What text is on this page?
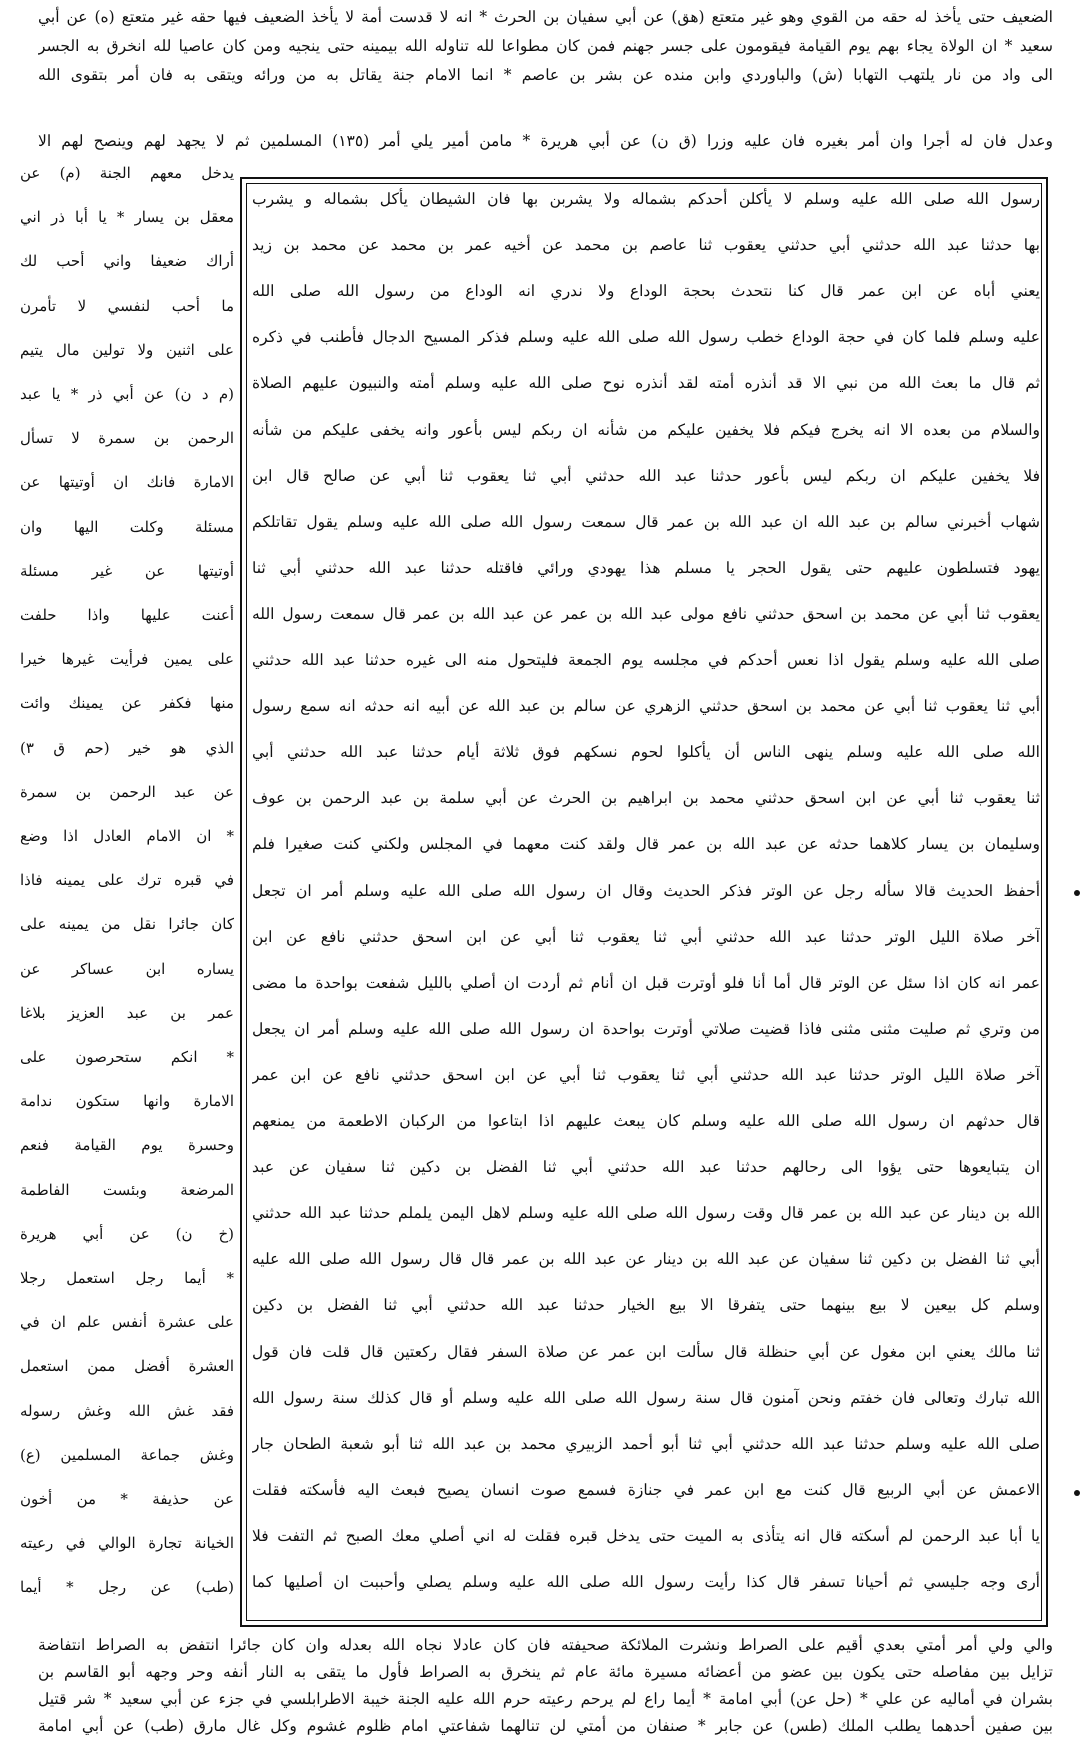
الضعيف حتى يأخذ له حقه من القوي وهو غير متعتع (هق) عن أبي سفيان بن الحرث * انه لا قدست أمة لا يأخذ الضعيف فيها حقه غير متعتع (ه) عن أبي
سعيد * ان الولاة يجاء بهم يوم القيامة فيقومون على جسر جهنم فمن كان مطواعا لله تناوله الله بيمينه حتى ينجيه ومن كان عاصيا لله انخرق به الجسر
الى واد من نار يلتهب التهابا (ش) والباوردي وابن منده عن بشر بن عاصم * انما الامام جنة يقاتل به من ورائه ويتقى به فان أمر بتقوى الله
وعدل فان له أجرا وان أمر بغيره فان عليه وزرا (ق ن) عن أبي هريرة * مامن أمير يلي أمر (١٣٥) المسلمين ثم لا يجهد لهم وينصح لهم الا
رسول الله صلى الله عليه وسلم لا يأكلن أحدكم بشماله ولا يشربن بها فان الشيطان يأكل بشماله و يشرب
بها حدثنا عبد الله حدثني أبي حدثني يعقوب ثنا عاصم بن محمد عن أخيه عمر بن محمد عن محمد بن زيد
يعني أباه عن ابن عمر قال كنا نتحدث بحجة الوداع ولا ندري انه الوداع من رسول الله صلى الله
عليه وسلم فلما كان في حجة الوداع خطب رسول الله صلى الله عليه وسلم فذكر المسيح الدجال فأطنب في ذكره
ثم قال ما بعث الله من نبي الا قد أنذره أمته لقد أنذره نوح صلى الله عليه وسلم أمته والنبيون عليهم الصلاة
والسلام من بعده الا انه يخرج فيكم فلا يخفين عليكم من شأنه ان ربكم ليس بأعور وانه يخفى عليكم من شأنه
فلا يخفين عليكم ان ربكم ليس بأعور حدثنا عبد الله حدثني أبي ثنا يعقوب ثنا أبي عن صالح قال ابن
شهاب أخبرني سالم بن عبد الله ان عبد الله بن عمر قال سمعت رسول الله صلى الله عليه وسلم يقول تقاتلكم
يهود فتسلطون عليهم حتى يقول الحجر يا مسلم هذا يهودي ورائي فاقتله حدثنا عبد الله حدثني أبي ثنا
يعقوب ثنا أبي عن محمد بن اسحق حدثني نافع مولى عبد الله بن عمر عن عبد الله بن عمر قال سمعت رسول الله
صلى الله عليه وسلم يقول اذا نعس أحدكم في مجلسه يوم الجمعة فليتحول منه الى غيره حدثنا عبد الله حدثني
أبي ثنا يعقوب ثنا أبي عن محمد بن اسحق حدثني الزهري عن سالم بن عبد الله عن أبيه انه حدثه انه سمع رسول
الله صلى الله عليه وسلم ينهى الناس أن يأكلوا لحوم نسكهم فوق ثلاثة أيام حدثنا عبد الله حدثني أبي
ثنا يعقوب ثنا أبي عن ابن اسحق حدثني محمد بن ابراهيم بن الحرث عن أبي سلمة بن عبد الرحمن بن عوف
وسليمان بن يسار كلاهما حدثه عن عبد الله بن عمر قال ولقد كنت معهما في المجلس ولكني كنت صغيرا فلم
أحفظ الحديث قالا سأله رجل عن الوتر فذكر الحديث وقال ان رسول الله صلى الله عليه وسلم أمر ان تجعل
آخر صلاة الليل الوتر حدثنا عبد الله حدثني أبي ثنا يعقوب ثنا أبي عن ابن اسحق حدثني نافع عن ابن
عمر انه كان اذا سئل عن الوتر قال أما أنا فلو أوترت قبل ان أنام ثم أردت ان أصلي بالليل شفعت بواحدة ما مضى
من وتري ثم صليت مثنى مثنى فاذا قضيت صلاتي أوترت بواحدة ان رسول الله صلى الله عليه وسلم أمر ان يجعل
آخر صلاة الليل الوتر حدثنا عبد الله حدثني أبي ثنا يعقوب ثنا أبي عن ابن اسحق حدثني نافع عن ابن عمر
قال حدثهم ان رسول الله صلى الله عليه وسلم كان يبعث عليهم اذا ابتاعوا من الركبان الاطعمة من يمنعهم
ان يتبايعوها حتى يؤوا الى رحالهم حدثنا عبد الله حدثني أبي ثنا الفضل بن دكين ثنا سفيان عن عبد
الله بن دينار عن عبد الله بن عمر قال وقت رسول الله صلى الله عليه وسلم لاهل اليمن يلملم حدثنا عبد الله حدثني
أبي ثنا الفضل بن دكين ثنا سفيان عن عبد الله بن دينار عن عبد الله بن عمر قال قال رسول الله صلى الله عليه
وسلم كل بيعين لا بيع بينهما حتى يتفرقا الا بيع الخيار حدثنا عبد الله حدثني أبي ثنا الفضل بن دكين
ثنا مالك يعني ابن مغول عن أبي حنظلة قال سألت ابن عمر عن صلاة السفر فقال ركعتين قال قلت فان قول
الله تبارك وتعالى فان خفتم ونحن آمنون قال سنة رسول الله صلى الله عليه وسلم أو قال كذلك سنة رسول الله
صلى الله عليه وسلم حدثنا عبد الله حدثني أبي ثنا أبو أحمد الزبيري محمد بن عبد الله ثنا أبو شعبة الطحان جار
الاعمش عن أبي الربيع قال كنت مع ابن عمر في جنازة فسمع صوت انسان يصيح فبعث اليه فأسكته فقلت
يا أبا عبد الرحمن لم أسكته قال انه يتأذى به الميت حتى يدخل قبره فقلت له اني أصلي معك الصبح ثم التفت فلا
أرى وجه جليسي ثم أحيانا تسفر قال كذا رأيت رسول الله صلى الله عليه وسلم يصلي وأحببت ان أصليها كما
يدخل معهم الجنة (م) عن
معقل بن يسار * يا أبا ذر اني
أراك ضعيفا واني أحب لك
ما أحب لنفسي لا تأمرن
على اثنين ولا تولين مال يتيم
(م د ن) عن أبي ذر * يا عبد
الرحمن بن سمرة لا تسأل
الامارة فانك ان أوتيتها عن
مسئلة وكلت اليها وان
أوتيتها عن غير مسئلة
أعنت عليها واذا حلفت
على يمين فرأيت غيرها خيرا
منها فكفر عن يمينك وائت
الذي هو خير (حم ق ٣)
عن عبد الرحمن بن سمرة
* ان الامام العادل اذا وضع
في قبره ترك على يمينه فاذا
كان جائرا نقل من يمينه على
يساره ابن عساكر عن
عمر بن عبد العزيز بلاغا
* انكم ستحرصون على
الامارة وانها ستكون ندامة
وحسرة يوم القيامة فنعم
المرضعة وبئست الفاطمة
(خ ن) عن أبي هريرة
* أيما رجل استعمل رجلا
على عشرة أنفس علم ان في
العشرة أفضل ممن استعمل
فقد غش الله وغش رسوله
وغش جماعة المسلمين (ع)
عن حذيفة * من أخون
الخيانة تجارة الوالي في رعيته
(طب) عن رجل * أيما
والي ولي أمر أمتي بعدي أقيم على الصراط ونشرت الملائكة صحيفته فان كان عادلا نجاه الله بعدله وان كان جائرا انتفض به الصراط انتفاضة
تزايل بين مفاصله حتى يكون بين عضو من أعضائه مسيرة مائة عام ثم ينخرق به الصراط فأول ما يتقى به النار أنفه وحر وجهه أبو القاسم بن
بشران في أماليه عن علي * (حل عن) أبي امامة * أيما راع لم يرحم رعيته حرم الله عليه الجنة خيبة الاطرابلسي في جزء عن أبي سعيد * شر قتيل
بين صفين أحدهما يطلب الملك (طس) عن جابر * صنفان من أمتي لن تنالهما شفاعتي امام ظلوم غشوم وكل غال مارق (طب) عن أبي امامة
